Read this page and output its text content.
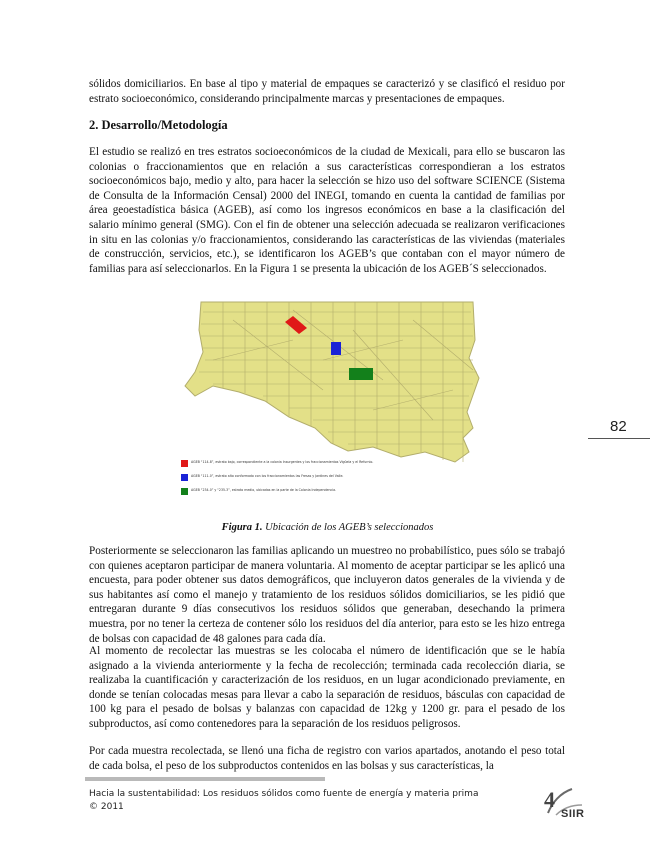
sólidos domiciliarios. En base al tipo y material de empaques se caracterizó y se clasificó el residuo por estrato socioeconómico, considerando principalmente marcas y presentaciones de empaques.

2. Desarrollo/Metodología

El estudio se realizó en tres estratos socioeconómicos de la ciudad de Mexicali, para ello se buscaron las colonias o fraccionamientos que en relación a sus características correspondieran a los estratos socioeconómicos bajo, medio y alto, para hacer la selección se hizo uso del software SCIENCE (Sistema de Consulta de la Información Censal) 2000 del INEGI, tomando en cuenta la cantidad de familias por área geoestadística básica (AGEB), así como los ingresos económicos en base a la clasificación del salario mínimo general (SMG). Con el fin de obtener una selección adecuada se realizaron verificaciones in situ en las colonias y/o fraccionamientos, considerando las características de las viviendas (materiales de construcción, servicios, etc.), se identificaron los AGEB’s que contaban con el mayor número de familias para así seleccionarlos. En la Figura 1 se presenta la ubicación de los AGEB´S seleccionados.

AGEB “114-8”, estrato bajo, correspondiente a la colonia Insurgentes y los fraccionamientos Vigüela y el Refurnio.
AGEB “111-0”, estrato alto conformado con los fraccionamientos las Fresas y Jardines del Valle.
AGEB “234-0” y “235-3”, estrato medio, ubicadas en la parte de la Colonia Independencia.
Figura 1. Ubicación de los AGEB’s seleccionados

Posteriormente se seleccionaron las familias aplicando un muestreo no probabilístico, pues sólo se trabajó con quienes aceptaron participar de manera voluntaria. Al momento de aceptar participar se les aplicó una encuesta, para poder obtener sus datos demográficos, que incluyeron datos generales de la vivienda y de sus habitantes así como el manejo y tratamiento de los residuos sólidos domiciliarios, se les pidió que entregaran durante 9 días consecutivos los residuos sólidos que generaban, desechando la primera muestra, por no tener la certeza de contener sólo los residuos del día anterior, para esto se les hizo entrega de bolsas con capacidad de 48 galones para cada día.

Al momento de recolectar las muestras se les colocaba el número de identificación que se le había asignado a la vivienda anteriormente y la fecha de recolección; terminada cada recolección diaria, se realizaba la cuantificación y caracterización de los residuos, en un lugar acondicionado previamente, en donde se tenían colocadas mesas para llevar a cabo la separación de residuos, básculas con capacidad de 100 kg para el pesado de bolsas y balanzas con capacidad de 12kg y 1200 gr. para el pesado de los subproductos, así como contenedores para la separación de los residuos peligrosos.

Por cada muestra recolectada, se llenó una ficha de registro con varios apartados, anotando el peso total de cada bolsa, el peso de los subproductos contenidos en las bolsas y sus características, la

82
Hacia la sustentabilidad: Los residuos sólidos como fuente de energía y materia prima
© 2011	4
SIIR
